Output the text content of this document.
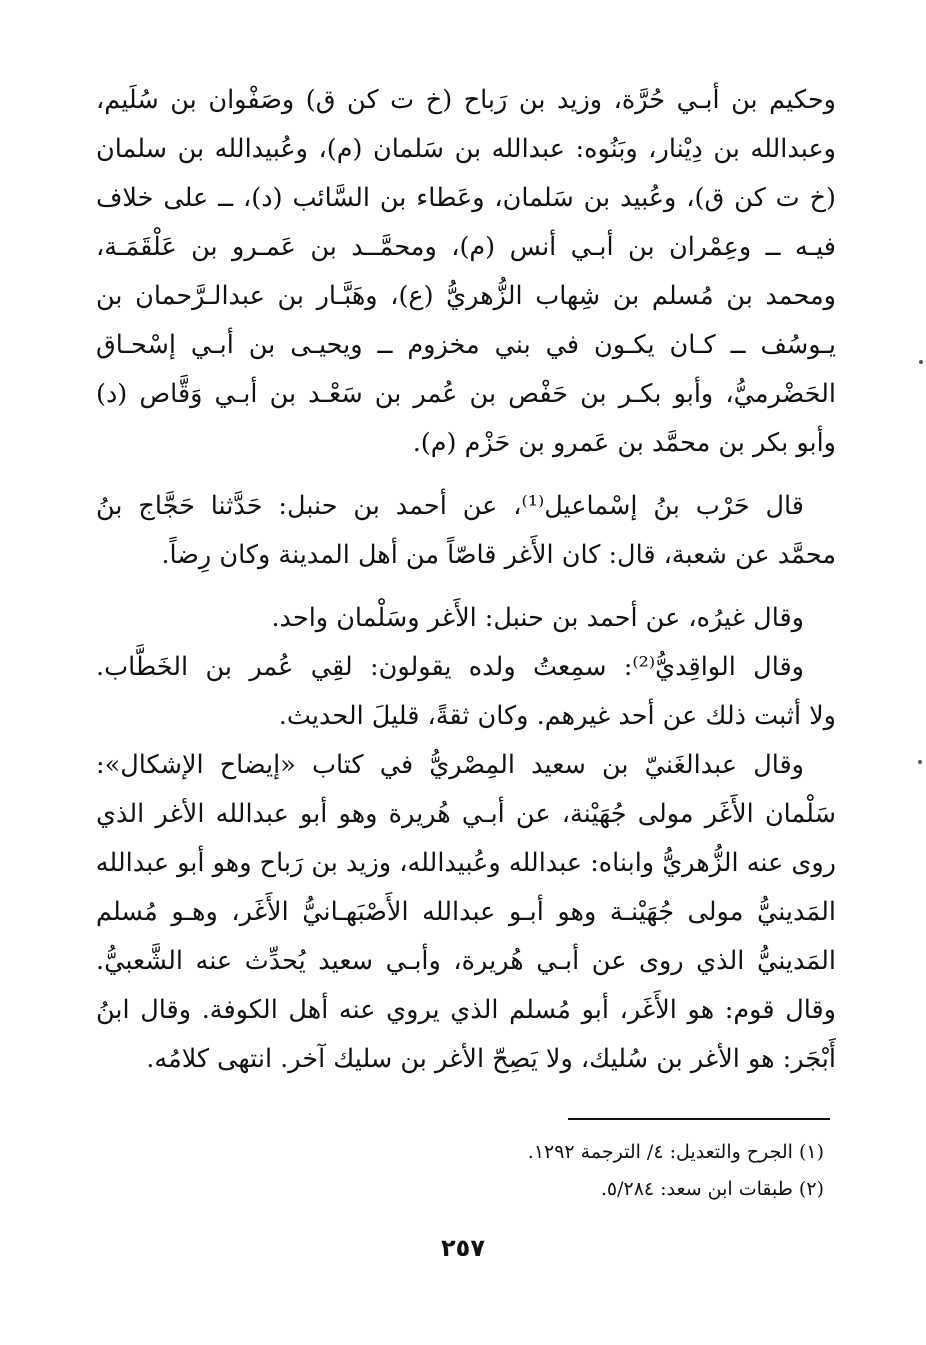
وحكيم بن أبـي حُرَّة، وزيد بن رَباح (خ ت كن ق) وصَفْوان بن سُلَيم،
وعبدالله بن دِيْنار، وبَنُوه: عبدالله بن سَلمان (م)، وعُبيدالله بن سلمان
(خ ت كن ق)، وعُبيد بن سَلمان، وعَطاء بن السَّائب (د)، ــ على خلاف
فيـه ــ وعِمْران بن أبـي أنس (م)، ومحمَّــد بن عَمـرو بن عَلْقَمَـة،
ومحمد بن مُسلم بن شِهاب الزُّهريُّ (ع)، وهَبَّـار بن عبدالـرَّحمان بن
يـوسُف ــ كـان يكـون في بني مخزوم ــ ويحيـى بن أبـي إسْحـاق
الحَضْرميُّ، وأبو بكـر بن حَفْص بن عُمر بن سَعْـد بن أبـي وَقَّاص (د)
وأبو بكر بن محمَّد بن عَمرو بن حَزْم (م).
قال حَرْب بنُ إسْماعيل⁽¹⁾، عن أحمد بن حنبل: حَدَّثنا حَجَّاج بنُ
محمَّد عن شعبة، قال: كان الأَغر قاصّاً من أهل المدينة وكان رِضاً.
وقال غيرُه، عن أحمد بن حنبل: الأَغر وسَلْمان واحد.
وقال الواقِديُّ⁽²⁾: سمِعتُ ولده يقولون: لقِي عُمر بن الخَطَّاب.
ولا أثبت ذلك عن أحد غيرهم. وكان ثقةً، قليلَ الحديث.
وقال عبدالغَنيّ بن سعيد المِصْريُّ في كتاب «إيضاح الإشكال»:
سَلْمان الأَغَر مولى جُهَيْنة، عن أبـي هُريرة وهو أبو عبدالله الأغر الذي
روى عنه الزُّهريُّ وابناه: عبدالله وعُبيدالله، وزيد بن رَباح وهو أبو عبدالله
المَدينيُّ مولى جُهَيْنـة وهو أبـو عبدالله الأَصْبَهـانيُّ الأَغَر، وهـو مُسلم
المَدينيُّ الذي روى عن أبـي هُريرة، وأبـي سعيد يُحدِّث عنه الشَّعبيُّ.
وقال قوم: هو الأَغَر، أبو مُسلم الذي يروي عنه أهل الكوفة. وقال ابنُ
أَبْجَر: هو الأغر بن سُليك، ولا يَصِحّ الأغر بن سليك آخر. انتهى كلامُه.
(١) الجرح والتعديل: ٤/ الترجمة ١٢٩٢.
(٢) طبقات ابن سعد: ٥/٢٨٤.
٢٥٧
